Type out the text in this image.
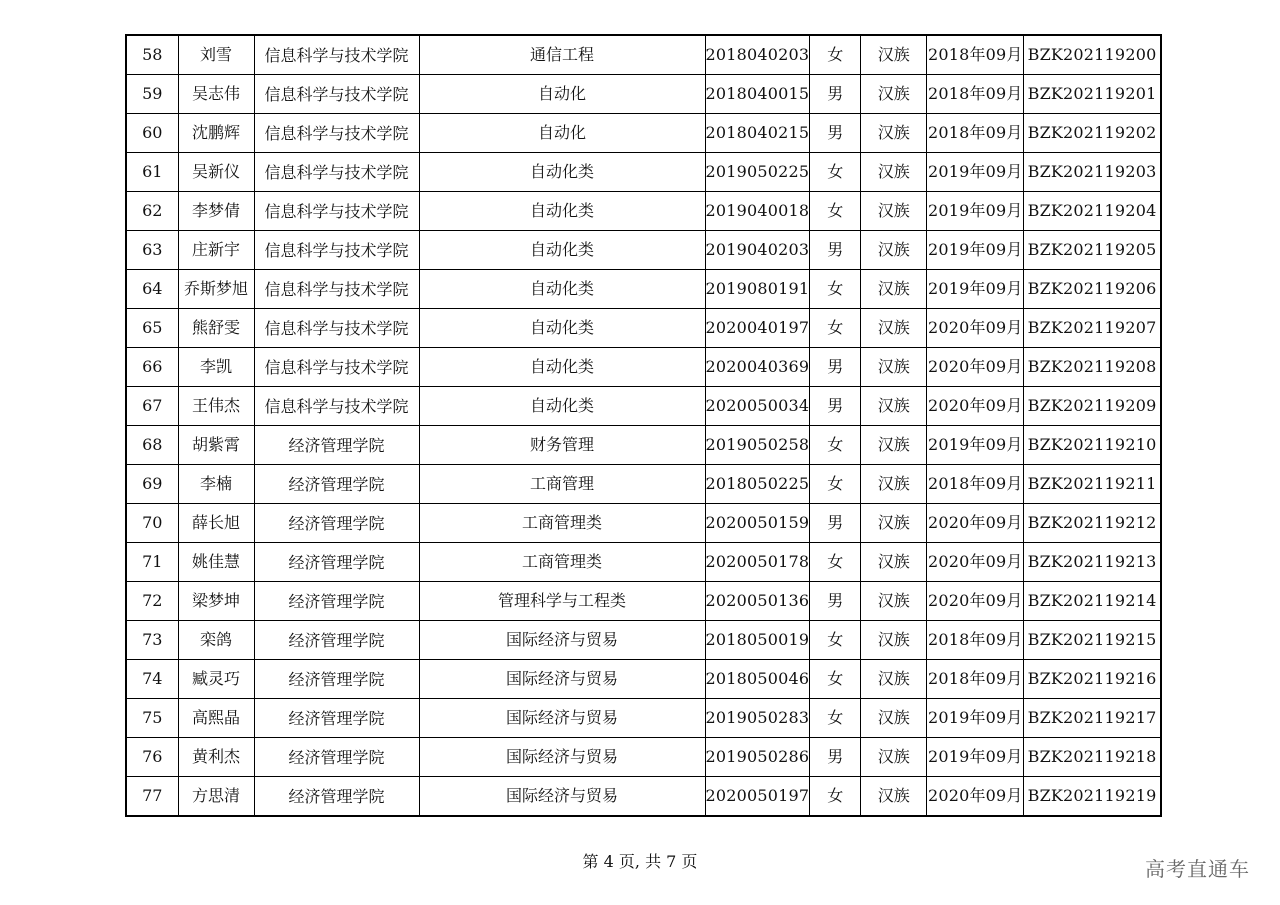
58	刘雪	信息科学与技术学院	通信工程	2018040203	女	汉族	2018年09月	BZK202119200

59	吴志伟	信息科学与技术学院	自动化	2018040015	男	汉族	2018年09月	BZK202119201

60	沈鹏辉	信息科学与技术学院	自动化	2018040215	男	汉族	2018年09月	BZK202119202

61	吴新仪	信息科学与技术学院	自动化类	2019050225	女	汉族	2019年09月	BZK202119203

62	李梦倩	信息科学与技术学院	自动化类	2019040018	女	汉族	2019年09月	BZK202119204

63	庄新宇	信息科学与技术学院	自动化类	2019040203	男	汉族	2019年09月	BZK202119205

64	乔斯梦旭	信息科学与技术学院	自动化类	2019080191	女	汉族	2019年09月	BZK202119206

65	熊舒雯	信息科学与技术学院	自动化类	2020040197	女	汉族	2020年09月	BZK202119207

66	李凯	信息科学与技术学院	自动化类	2020040369	男	汉族	2020年09月	BZK202119208

67	王伟杰	信息科学与技术学院	自动化类	2020050034	男	汉族	2020年09月	BZK202119209

68	胡紫霄	经济管理学院	财务管理	2019050258	女	汉族	2019年09月	BZK202119210

69	李楠	经济管理学院	工商管理	2018050225	女	汉族	2018年09月	BZK202119211

70	薛长旭	经济管理学院	工商管理类	2020050159	男	汉族	2020年09月	BZK202119212

71	姚佳慧	经济管理学院	工商管理类	2020050178	女	汉族	2020年09月	BZK202119213

72	梁梦坤	经济管理学院	管理科学与工程类	2020050136	男	汉族	2020年09月	BZK202119214

73	栾鸽	经济管理学院	国际经济与贸易	2018050019	女	汉族	2018年09月	BZK202119215

74	臧灵巧	经济管理学院	国际经济与贸易	2018050046	女	汉族	2018年09月	BZK202119216

75	高熙晶	经济管理学院	国际经济与贸易	2019050283	女	汉族	2019年09月	BZK202119217

76	黄利杰	经济管理学院	国际经济与贸易	2019050286	男	汉族	2019年09月	BZK202119218

77	方思清	经济管理学院	国际经济与贸易	2020050197	女	汉族	2020年09月	BZK202119219
第 4 页, 共 7 页	高考直通车
